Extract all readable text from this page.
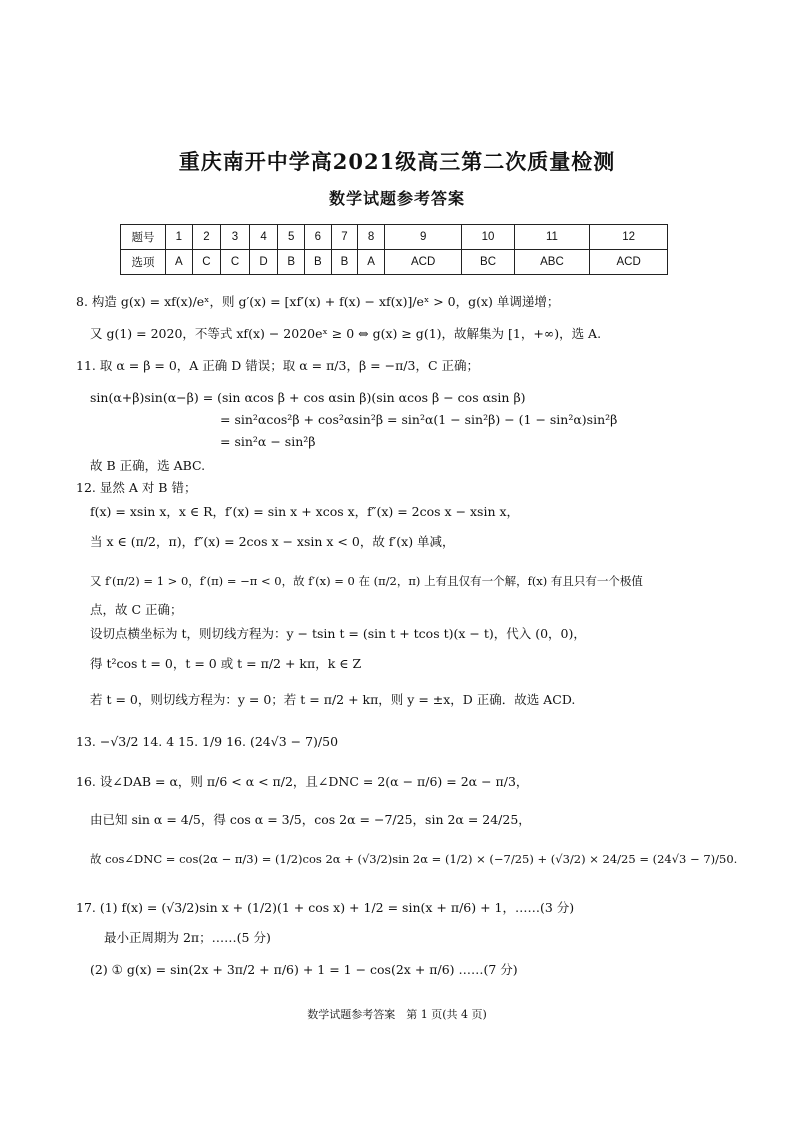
重庆南开中学高2021级高三第二次质量检测
数学试题参考答案
题号	1	2	3	4	5	6	7	8	9	10	11	12
选项	A	C	C	D	B	B	B	A	ACD	BC	ABC	ACD
8. 构造 g(x) = xf(x)/eˣ，则 g′(x) = [xf′(x) + f(x) − xf(x)]/eˣ > 0，g(x) 单调递增；
又 g(1) = 2020，不等式 xf(x) − 2020eˣ ≥ 0 ⇔ g(x) ≥ g(1)，故解集为 [1，+∞)，选 A.
11. 取 α = β = 0，A 正确 D 错误；取 α = π/3，β = −π/3，C 正确；
sin(α+β)sin(α−β) = (sin αcos β + cos αsin β)(sin αcos β − cos αsin β)
= sin²αcos²β + cos²αsin²β = sin²α(1 − sin²β) − (1 − sin²α)sin²β
= sin²α − sin²β
故 B 正确，选 ABC.
12. 显然 A 对 B 错；
f(x) = xsin x，x ∈ R，f′(x) = sin x + xcos x，f″(x) = 2cos x − xsin x，
当 x ∈ (π/2，π)，f″(x) = 2cos x − xsin x < 0，故 f′(x) 单减，
又 f′(π/2) = 1 > 0，f′(π) = −π < 0，故 f′(x) = 0 在 (π/2，π) 上有且仅有一个解，f(x) 有且只有一个极值
点，故 C 正确；
设切点横坐标为 t，则切线方程为：y − tsin t = (sin t + tcos t)(x − t)，代入 (0，0)，
得 t²cos t = 0，t = 0 或 t = π/2 + kπ，k ∈ Z
若 t = 0，则切线方程为：y = 0；若 t = π/2 + kπ，则 y = ±x，D 正确．故选 ACD.
13. −√3/2 14. 4 15. 1/9 16. (24√3 − 7)/50
16. 设∠DAB = α，则 π/6 < α < π/2，且∠DNC = 2(α − π/6) = 2α − π/3，
由已知 sin α = 4/5，得 cos α = 3/5，cos 2α = −7/25，sin 2α = 24/25，
故 cos∠DNC = cos(2α − π/3) = (1/2)cos 2α + (√3/2)sin 2α = (1/2) × (−7/25) + (√3/2) × 24/25 = (24√3 − 7)/50.
17. (1) f(x) = (√3/2)sin x + (1/2)(1 + cos x) + 1/2 = sin(x + π/6) + 1，……(3 分)
最小正周期为 2π；……(5 分)
(2) ① g(x) = sin(2x + 3π/2 + π/6) + 1 = 1 − cos(2x + π/6) ……(7 分)
数学试题参考答案　第 1 页(共 4 页)
